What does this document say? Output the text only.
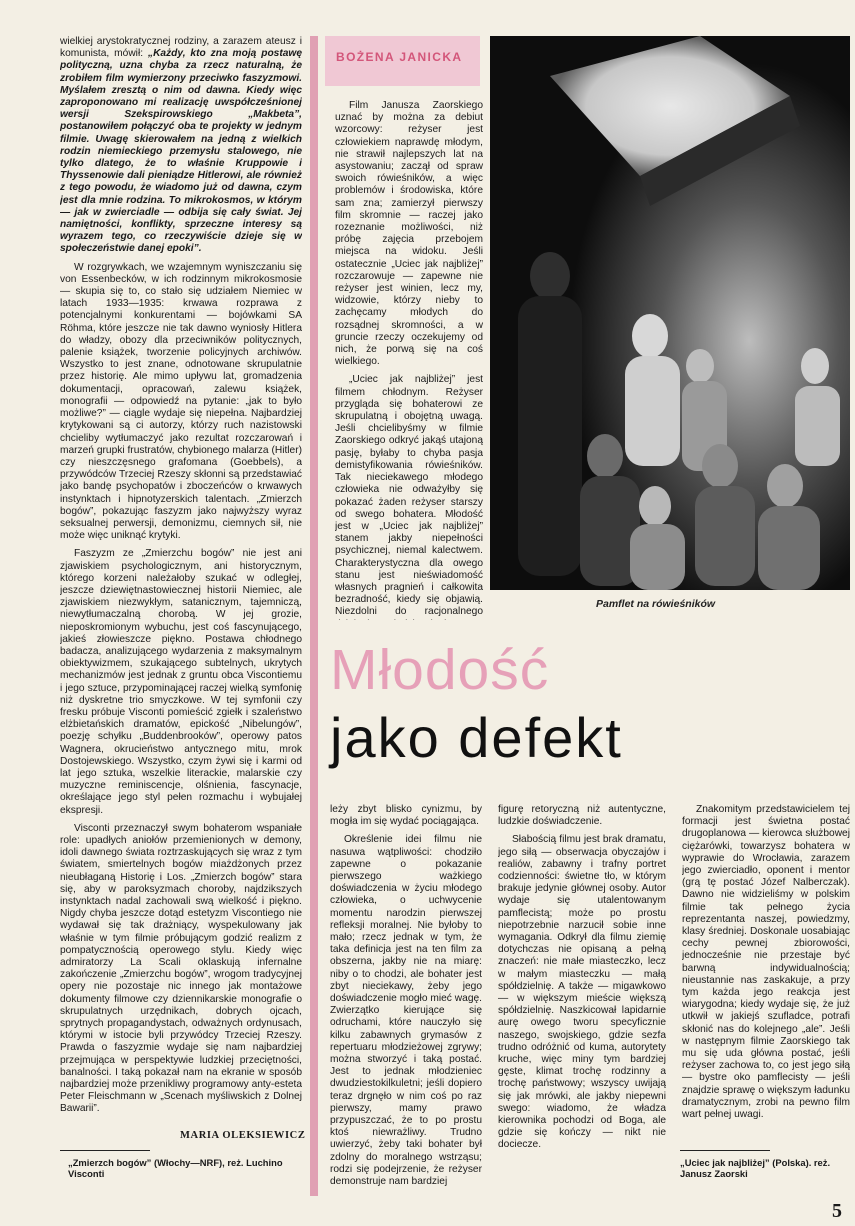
wielkiej arystokratycznej rodziny, a zarazem ateusz i komunista, mówił: „Każdy, kto zna moją postawę polityczną, uzna chyba za rzecz naturalną, że zrobiłem film wymierzony przeciwko faszyzmowi. Myślałem zresztą o nim od dawna. Kiedy więc zaproponowano mi realizację uwspółcześnionej wersji Szekspirowskiego „Makbeta”, postanowiłem połączyć oba te projekty w jednym filmie. Uwagę skierowałem na jedną z wielkich rodzin niemieckiego przemysłu stalowego, nie tylko dlatego, że to właśnie Kruppowie i Thyssenowie dali pieniądze Hitlerowi, ale również z tego powodu, że wiadomo już od dawna, czym jest dla mnie rodzina. To mikrokosmos, w którym — jak w zwierciadle — odbija się cały świat. Jej namiętności, konflikty, sprzeczne interesy są wyrazem tego, co rzeczywiście dzieje się w społeczeństwie danej epoki”.

W rozgrywkach, we wzajemnym wyniszczaniu się von Essenbecków, w ich rodzinnym mikrokosmosie — skupia się to, co stało się udziałem Niemiec w latach 1933—1935: krwawa rozprawa z potencjalnymi konkurentami — bojówkami SA Röhma, które jeszcze nie tak dawno wyniosły Hitlera do władzy, obozy dla przeciwników politycznych, palenie książek, tworzenie policyjnych archiwów. Wszystko to jest znane, odnotowane skrupulatnie przez historię. Ale mimo upływu lat, gromadzenia dokumentacji, opracowań, zalewu książek, monografii — odpowiedź na pytanie: „jak to było możliwe?” — ciągle wydaje się niepełna. Najbardziej krytykowani są ci autorzy, którzy ruch nazistowski chcieliby wytłumaczyć jako rezultat rozczarowań i marzeń grupki frustratów, chybionego malarza (Hitler) czy nieszczęsnego grafomana (Goebbels), a przywódców Trzeciej Rzeszy skłonni są przedstawiać jako bandę psychopatów i zboczeńców o krwawych instynktach i hipnotyzerskich talentach. „Zmierzch bogów”, pokazując faszyzm jako najwyższy wyraz seksualnej perwersji, demonizmu, ciemnych sił, nie może więc uniknąć krytyki.

Faszyzm ze „Zmierzchu bogów” nie jest ani zjawiskiem psychologicznym, ani historycznym, którego korzeni należałoby szukać w odległej, jeszcze dziewiętnastowiecznej historii Niemiec, ale zjawiskiem niezwykłym, satanicznym, tajemniczą, niewytłumaczalną chorobą. W jej grozie, nieposkromionym wybuchu, jest coś fascynującego, jakieś złowieszcze piękno. Postawa chłodnego badacza, analizującego wydarzenia z maksymalnym obiektywizmem, szukającego subtelnych, ukrytych mechanizmów jest jednak z gruntu obca Viscontiemu i jego sztuce, przypominającej raczej wielką symfonię niż dyskretne trio smyczkowe. W tej symfonii czy fresku próbuje Visconti pomieścić zgiełk i szaleństwo elżbietańskich dramatów, epickość „Nibelungów”, poezję schyłku „Buddenbrooków”, operowy patos Wagnera, okrucieństwo antycznego mitu, mrok Dostojewskiego. Wszystko, czym żywi się i karmi od lat jego sztuka, wszelkie literackie, malarskie czy muzyczne reminiscencje, olśnienia, fascynacje, określające jego styl pełen rozmachu i wybujałej ekspresji.

Visconti przeznaczył swym bohaterom wspaniałe role: upadłych aniołów przemienionych w demony, idoli dawnego świata roztrzaskujących się wraz z tym światem, smiertelnych bogów miażdżonych przez nieubłaganą Historię i Los. „Zmierzch bogów” stara się, aby w paroksyzmach choroby, najdzikszych instynktach nadal zachowali swą wielkość i piękno. Nigdy chyba jeszcze dotąd estetyzm Viscontiego nie wydawał się tak drażniący, wyspekulowany jak właśnie w tym filmie próbującym godzić realizm z pompatycznością operowego stylu. Kiedy więc admiratorzy La Scali oklaskują infernalne zakończenie „Zmierzchu bogów”, wrogom tradycyjnej opery nie pozostaje nic innego jak montażowe dokumenty filmowe czy dziennikarskie monografie o skrupulatnych urzędnikach, dobrych ojcach, sprytnych propagandystach, odważnych ordynusach, którymi w istocie byli przywódcy Trzeciej Rzeszy. Prawda o faszyzmie wydaje się nam najbardziej przejmująca w perspektywie ludzkiej przeciętności, banalności. I taką pokazał nam na ekranie w sposób najbardziej może przenikliwy programowy anty-esteta Peter Fleischmann w „Scenach myśliwskich z Dolnej Bawarii”.

MARIA OLEKSIEWICZ
„Zmierzch bogów” (Włochy—NRF), reż. Luchino Visconti
BOŻENA JANICKA

Film Janusza Zaorskiego uznać by można za debiut wzorcowy: reżyser jest człowiekiem naprawdę młodym, nie strawił najlepszych lat na asystowaniu; zaczął od spraw swoich rówieśników, a więc problemów i środowiska, które sam zna; zamierzył pierwszy film skromnie — raczej jako rozeznanie możliwości, niż próbę zajęcia przebojem miejsca na widoku. Jeśli ostatecznie „Uciec jak najbliżej” rozczarowuje — zapewne nie reżyser jest winien, lecz my, widzowie, którzy nieby to zachęcamy młodych do rozsądnej skromności, a w gruncie rzeczy oczekujemy od nich, że porwą się na coś wielkiego.

„Uciec jak najbliżej” jest filmem chłodnym. Reżyser przygląda się bohaterowi ze skrupulatną i obojętną uwagą. Jeśli chcielibyśmy w filmie Zaorskiego odkryć jakąś utajoną pasję, byłaby to chyba pasja demistyfikowania rówieśników. Tak nieciekawego młodego człowieka nie odważyłby się pokazać żaden reżyser starszy od swego bohatera. Młodość jest w „Uciec jak najbliżej” stanem jakby niepełności psychicznej, niemal kalectwem. Charakterystyczna dla owego stanu jest nieświadomość własnych pragnień i całkowita bezradność, kiedy się objawią. Niezdolni do racjonalnego

Pamflet na rówieśników
Młodość
jako defekt

leży zbyt blisko cynizmu, by mogła im się wydać pociągająca.

Określenie idei filmu nie nasuwa wątpliwości: chodziło zapewne o pokazanie pierwszego ważkiego doświadczenia w życiu młodego człowieka, o uchwycenie momentu narodzin pierwszej refleksji moralnej. Nie byłoby to mało; rzecz jednak w tym, że taka definicja jest na ten film za obszerna, jakby nie na miarę: niby o to chodzi, ale bohater jest zbyt nieciekawy, żeby jego doświadczenie mogło mieć wagę. Zwierzątko kierujące się odruchami, które nauczyło się kilku zabawnych grymasów z repertuaru młodzieżowej zgrywy; można stworzyć i taką postać. Jest to jednak młodzieniec dwudziestokilkuletni; jeśli dopiero teraz drgnęło w nim coś po raz pierwszy, mamy prawo przypuszczać, że to po prostu ktoś niewrażliwy. Trudno uwierzyć, żeby taki bohater był zdolny do moralnego wstrząsu; rodzi się podejrzenie, że reżyser demonstruje nam bardziej

figurę retoryczną niż autentyczne, ludzkie doświadczenie.

Słabością filmu jest brak dramatu, jego siłą — obserwacja obyczajów i realiów, zabawny i trafny portret codzienności: świetne tło, w którym brakuje jedynie głównej osoby. Autor wydaje się utalentowanym pamflecistą; może po prostu niepotrzebnie narzucił sobie inne wymagania. Odkrył dla filmu ziemię dotychczas nie opisaną a pełną znaczeń: nie małe miasteczko, lecz w małym miasteczku — małą spółdzielnię. A także — migawkowo — w większym mieście większą spółdzielnię. Naszkicował lapidarnie aurę owego tworu specyficznie naszego, swojskiego, gdzie sezfa trudno odróżnić od kuma, autorytety kruche, więc miny tym bardziej gęste, klimat trochę rodzinny a trochę państwowy; wszyscy uwijają się jak mrówki, ale jakby niepewni swego: wiadomo, że władza kierownika pochodzi od Boga, ale gdzie się kończy — nikt nie dociecze.

Znakomitym przedstawicielem tej formacji jest świetna postać drugoplanowa — kierowca służbowej ciężarówki, towarzysz bohatera w wyprawie do Wrocławia, zarazem jego zwierciadło, oponent i mentor (grą tę postać Józef Nalberczak). Dawno nie widzieliśmy w polskim filmie tak pełnego życia reprezentanta naszej, powiedzmy, klasy średniej. Doskonale uosabiając cechy pewnej zbiorowości, jednocześnie nie przestaje być barwną indywidualnością; nieustannie nas zaskakuje, a przy tym każda jego reakcja jest wiarygodna; kiedy wydaje się, że już utkwił w jakiejś szufladce, potrafi skłonić nas do kolejnego „ale”. Jeśli w następnym filmie Zaorskiego tak mu się uda główna postać, jeśli reżyser zachowa to, co jest jego siłą — bystre oko pamflecisty — jeśli znajdzie sprawę o większym ładunku dramatycznym, zrobi na pewno film wart pełnej uwagi.

„Uciec jak najbliżej” (Polska). reż. Janusz Zaorski
5
